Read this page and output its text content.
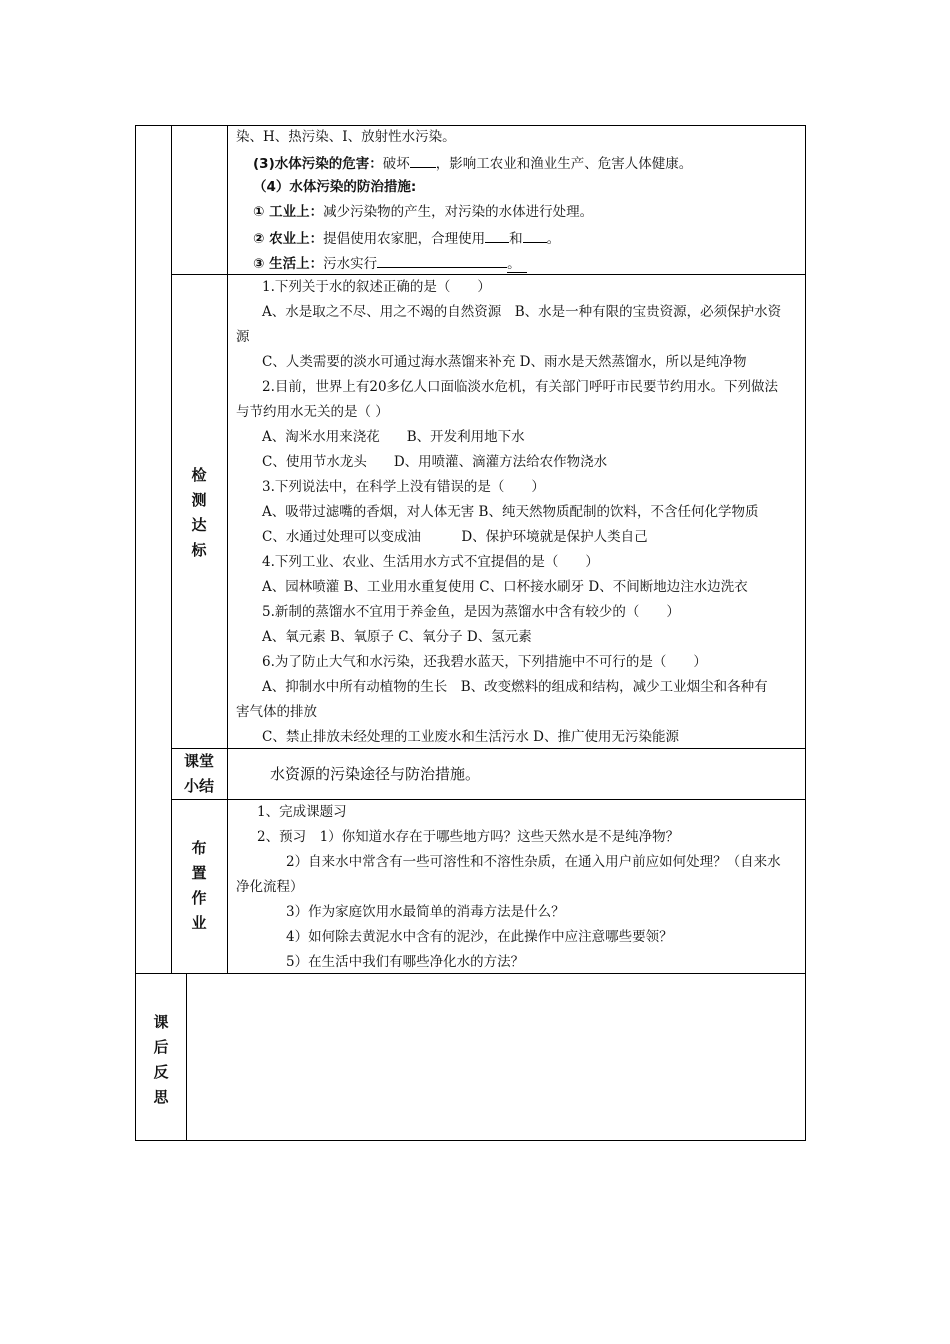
染、H、热污染、I、放射性水污染。
(3)水体污染的危害：破坏 ，影响工农业和渔业生产、危害人体健康。
（4）水体污染的防治措施:
① 工业上：减少污染物的产生，对污染的水体进行处理。
② 农业上：提倡使用农家肥，合理使用 和 。
③ 生活上：污水实行	。
检
测
达
标
1.下列关于水的叙述正确的是（　　）
A、水是取之不尽、用之不竭的自然资源　B、水是一种有限的宝贵资源，必须保护水资
源
C、人类需要的淡水可通过海水蒸馏来补充 D、雨水是天然蒸馏水，所以是纯净物
2.目前，世界上有20多亿人口面临淡水危机，有关部门呼吁市民要节约用水。下列做法
与节约用水无关的是（ ）
A、淘米水用来浇花　　B、开发利用地下水
C、使用节水龙头　　D、用喷灌、滴灌方法给农作物浇水
3.下列说法中，在科学上没有错误的是（　　）
A、吸带过滤嘴的香烟，对人体无害 B、纯天然物质配制的饮料，不含任何化学物质
C、水通过处理可以变成油　　　D、保护环境就是保护人类自己
4.下列工业、农业、生活用水方式不宜提倡的是（　　）
A、园林喷灌 B、工业用水重复使用 C、口杯接水刷牙 D、不间断地边注水边洗衣
5.新制的蒸馏水不宜用于养金鱼，是因为蒸馏水中含有较少的（　　）
A、氧元素 B、氧原子 C、氧分子 D、氢元素
6.为了防止大气和水污染，还我碧水蓝天，下列措施中不可行的是（　　）
A、抑制水中所有动植物的生长　B、改变燃料的组成和结构，减少工业烟尘和各种有
害气体的排放
C、禁止排放未经处理的工业废水和生活污水 D、推广使用无污染能源
课堂
小结
水资源的污染途径与防治措施。
布
置
作
业
1、完成课题习
2、预习　1）你知道水存在于哪些地方吗？这些天然水是不是纯净物？
2）自来水中常含有一些可溶性和不溶性杂质，在通入用户前应如何处理？（自来水
净化流程）
3）作为家庭饮用水最简单的消毒方法是什么？
4）如何除去黄泥水中含有的泥沙，在此操作中应注意哪些要领？
5）在生活中我们有哪些净化水的方法？
课
后
反
思
